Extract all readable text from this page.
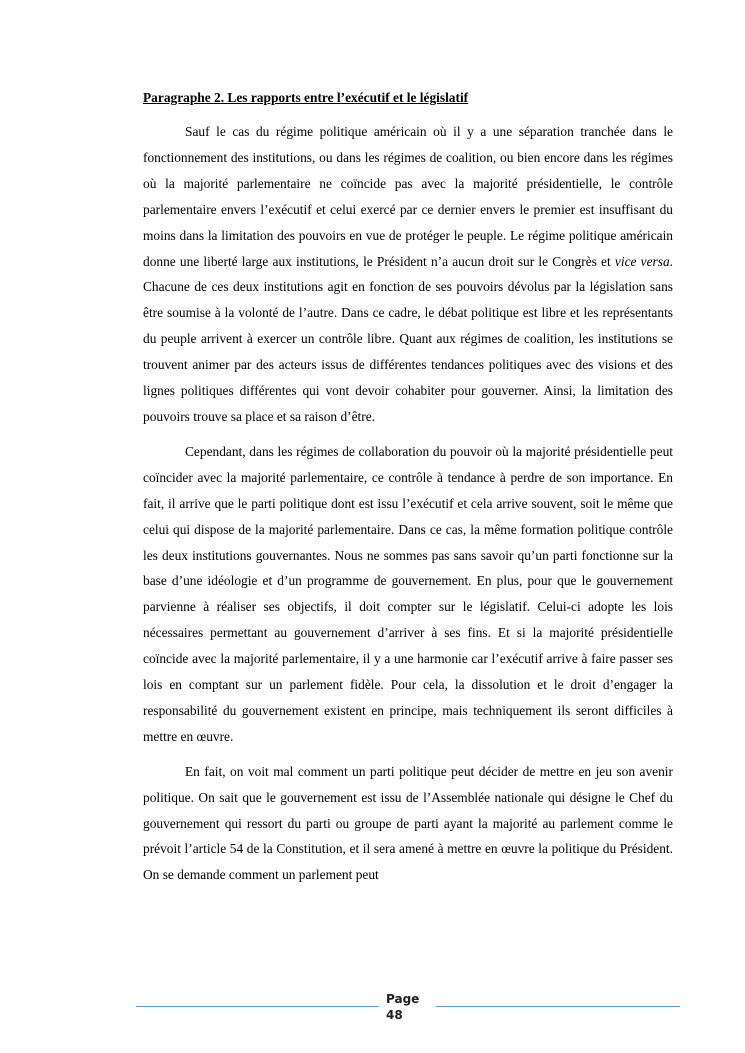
Paragraphe 2. Les rapports entre l’exécutif et le législatif

Sauf le cas du régime politique américain où il y a une séparation tranchée dans le fonctionnement des institutions, ou dans les régimes de coalition, ou bien encore dans les régimes où la majorité parlementaire ne coïncide pas avec la majorité présidentielle, le contrôle parlementaire envers l’exécutif et celui exercé par ce dernier envers le premier est insuffisant du moins dans la limitation des pouvoirs en vue de protéger le peuple. Le régime politique américain donne une liberté large aux institutions, le Président n’a aucun droit sur le Congrès et vice versa. Chacune de ces deux institutions agit en fonction de ses pouvoirs dévolus par la législation sans être soumise à la volonté de l’autre. Dans ce cadre, le débat politique est libre et les représentants du peuple arrivent à exercer un contrôle libre. Quant aux régimes de coalition, les institutions se trouvent animer par des acteurs issus de différentes tendances politiques avec des visions et des lignes politiques différentes qui vont devoir cohabiter pour gouverner. Ainsi, la limitation des pouvoirs trouve sa place et sa raison d’être.

Cependant, dans les régimes de collaboration du pouvoir où la majorité présidentielle peut coïncider avec la majorité parlementaire, ce contrôle à tendance à perdre de son importance. En fait, il arrive que le parti politique dont est issu l’exécutif et cela arrive souvent, soit le même que celui qui dispose de la majorité parlementaire. Dans ce cas, la même formation politique contrôle les deux institutions gouvernantes. Nous ne sommes pas sans savoir qu’un parti fonctionne sur la base d’une idéologie et d’un programme de gouvernement. En plus, pour que le gouvernement parvienne à réaliser ses objectifs, il doit compter sur le législatif. Celui-ci adopte les lois nécessaires permettant au gouvernement d’arriver à ses fins. Et si la majorité présidentielle coïncide avec la majorité parlementaire, il y a une harmonie car l’exécutif arrive à faire passer ses lois en comptant sur un parlement fidèle. Pour cela, la dissolution et le droit d’engager la responsabilité du gouvernement existent en principe, mais techniquement ils seront difficiles à mettre en œuvre.

En fait, on voit mal comment un parti politique peut décider de mettre en jeu son avenir politique. On sait que le gouvernement est issu de l’Assemblée nationale qui désigne le Chef du gouvernement qui ressort du parti ou groupe de parti ayant la majorité au parlement comme le prévoit l’article 54 de la Constitution, et il sera amené à mettre en œuvre la politique du Président. On se demande comment un parlement peut

Page
48
